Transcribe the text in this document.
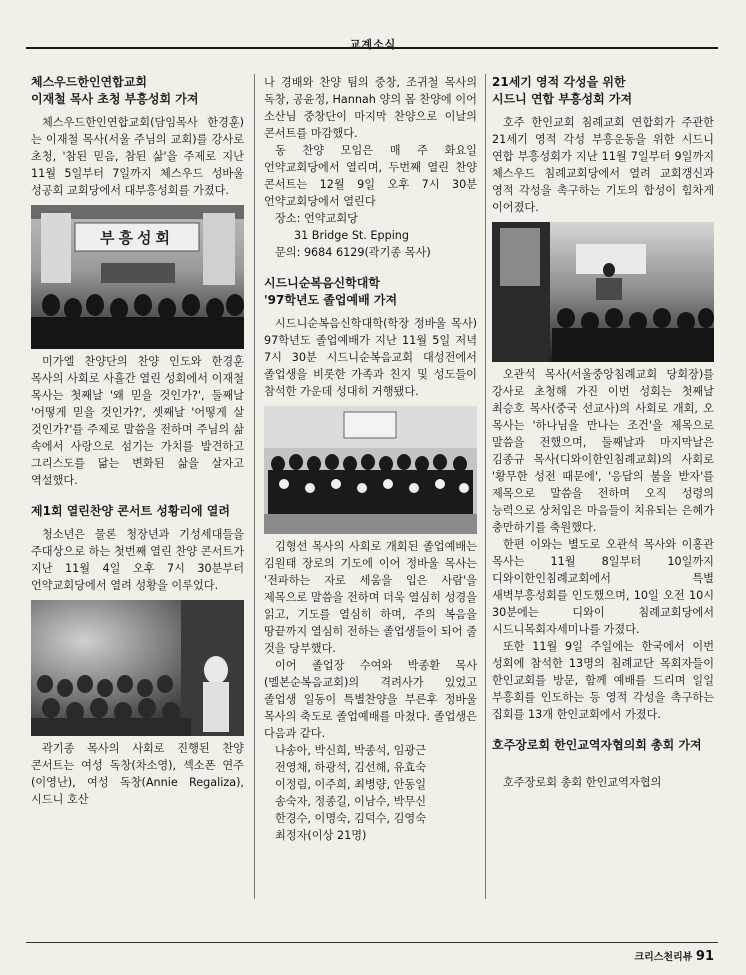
교계소식
체스우드한인연합교회
이재철 목사 초청 부흥성회 가져

체스우드한인연합교회(담임목사 한경훈)는 이재철 목사(서울 주님의 교회)를 강사로 초청, '참된 믿음, 참된 삶'을 주제로 지난 11월 5일부터 7일까지 체스우드 성바울 성공회 교회당에서 대부흥성회를 가졌다.

부흥성회

미가엘 찬양단의 찬양 인도와 한경훈 목사의 사회로 사흘간 열린 성회에서 이재철 목사는 첫째날 '왜 믿을 것인가?', 둘째날 '어떻게 믿을 것인가?', 셋째날 '어떻게 살 것인가?'를 주제로 말씀을 전하며 주님의 삶 속에서 사랑으로 섬기는 가치를 발견하고 그리스도를 닮는 변화된 삶을 살자고 역설했다.

제1회 열린찬양 콘서트 성황리에 열려

청소년은 물론 청장년과 기성세대들을 주대상으로 하는 첫번째 열린 찬양 콘서트가 지난 11월 4일 오후 7시 30분부터 언약교회당에서 열려 성황을 이루었다.

곽기종 목사의 사회로 진행된 찬양 콘서트는 여성 독창(차소영), 섹소폰 연주(이영난), 여성 독창(Annie Regaliza), 시드니 호산

나 경배와 찬양 팀의 중창, 조귀철 목사의 독창, 공윤정, Hannah 양의 몸 찬양에 이어 소산님 중창단이 마지막 찬양으로 이날의 콘서트를 마감했다.

동 찬양 모임은 매 주 화요일 언약교회당에서 열리며, 두번째 열린 찬양 콘서트는 12월 9일 오후 7시 30분 언약교회당에서 열린다

장소: 언약교회당
31 Bridge St. Epping
문의: 9684 6129(곽기종 목사)
시드니순복음신학대학
'97학년도 졸업예배 가져

시드니순복음신학대학(학장 정바울 목사) 97학년도 졸업예배가 지난 11월 5일 저녁 7시 30분 시드니순복음교회 대성전에서 졸업생을 비롯한 가족과 친지 및 성도들이 참석한 가운데 성대히 거행됐다.

김형선 목사의 사회로 개회된 졸업예배는 김원태 장로의 기도에 이어 정바울 목사는 '전파하는 자로 세움을 입은 사람'을 제목으로 말씀을 전하며 더욱 열심히 성경을 읽고, 기도를 열심히 하며, 주의 복음을 땅끝까지 열심히 전하는 졸업생들이 되어 줄 것을 당부했다.

이어 졸업장 수여와 박종환 목사(멜본순복음교회)의 격려사가 있었고 졸업생 일동이 특별찬양을 부른후 정바울 목사의 축도로 졸업예배를 마쳤다. 졸업생은 다음과 같다.

나송아, 박신희, 박종석, 임광근
전영채, 하광석, 김선해, 유효숙
이정림, 이주희, 최병량, 안동일
송숙자, 정종길, 이남수, 박무신
한경수, 이명숙, 김덕수, 김영숙
최정자(이상 21명)
21세기 영적 각성을 위한
시드니 연합 부흥성회 가져

호주 한인교회 침례교회 연합회가 주관한 21세기 영적 각성 부흥운동을 위한 시드니 연합 부흥성회가 지난 11월 7일부터 9일까지 체스우드 침례교회당에서 열려 교회갱신과 영적 각성을 촉구하는 기도의 합성이 힘차게 이어졌다.

오관석 목사(서울중앙침례교회 당회장)를 강사로 초청해 가진 이번 성회는 첫째날 최승호 목사(중국 선교사)의 사회로 개회, 오 목사는 '하나님을 만나는 조건'을 제목으로 말씀을 전했으며, 둘째날과 마지막날은 김종규 목사(디와이한인침례교회)의 사회로 '황무한 성전 때문에', '응답의 불을 받자'를 제목으로 말씀을 전하며 오직 성령의 능력으로 상처입은 마음들이 치유되는 은혜가 충만하기를 축원했다.

한편 이와는 별도로 오관석 목사와 이홍관 목사는 11월 8일부터 10일까지 디와이한인침례교회에서 특별 새벽부흥성회를 인도했으며, 10일 오전 10시 30분에는 디와이 침례교회당에서 시드니목회자세미나를 가졌다.

또한 11월 9일 주일에는 한국에서 이번 성회에 참석한 13명의 침례교단 목회자들이 한인교회를 방문, 함께 예배를 드리며 일일 부흥회를 인도하는 등 영적 각성을 촉구하는 집회를 13개 한인교회에서 가졌다.

호주장로회 한인교역자협의회 총회 가져

호주장로회 총회 한인교역자협의

크리스천리뷰 91
